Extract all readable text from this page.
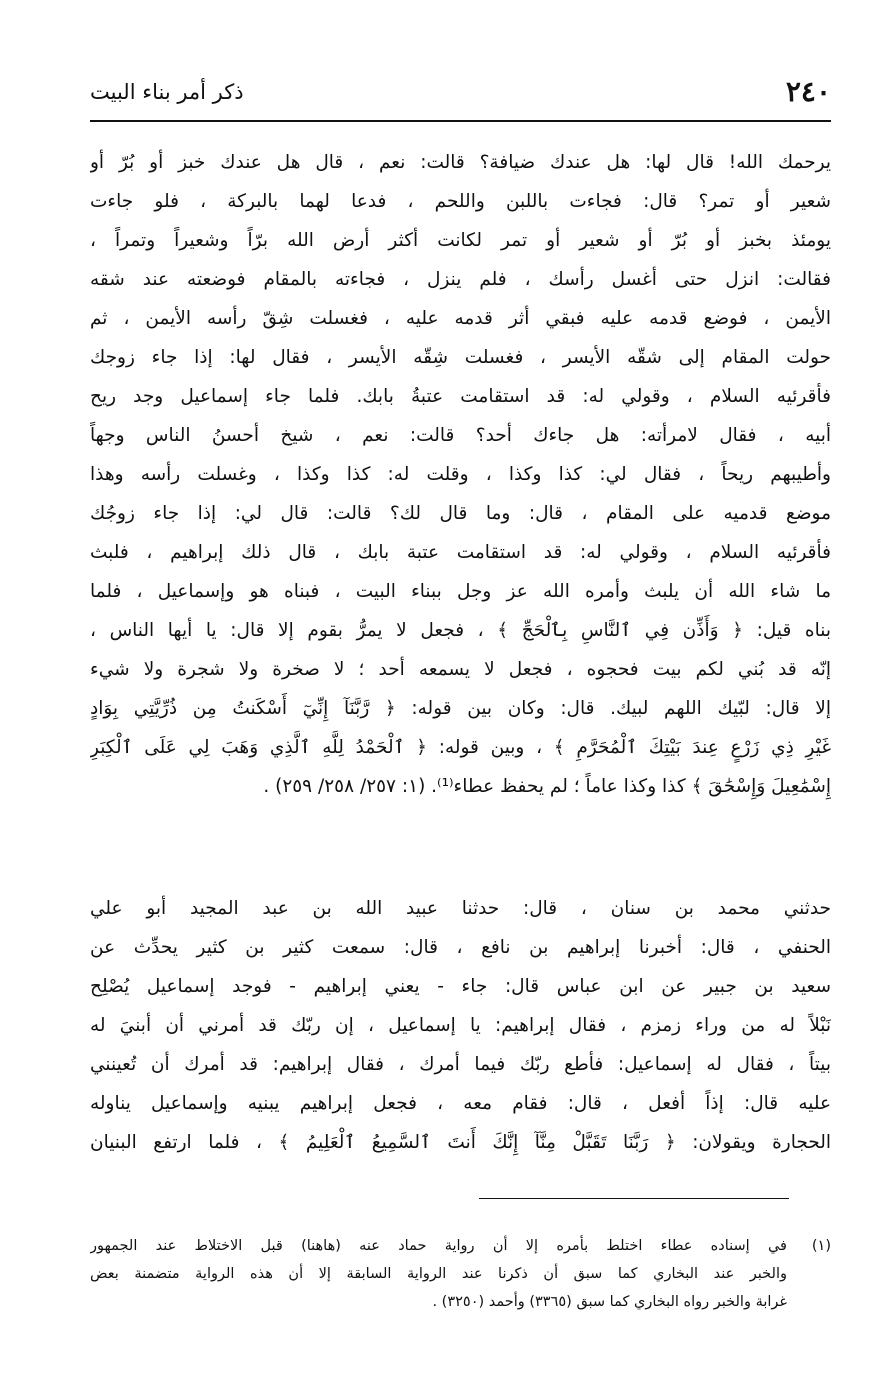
٢٤٠
ذكر أمر بناء البيت
يرحمك الله! قال لها: هل عندك ضيافة؟ قالت: نعم ، قال هل عندك خبز أو بُرّ أو
شعير أو تمر؟ قال: فجاءت باللبن واللحم ، فدعا لهما بالبركة ، فلو جاءت
يومئذ بخبز أو بُرّ أو شعير أو تمر لكانت أكثر أرض الله برّاً وشعيراً وتمراً ،
فقالت: انزل حتى أغسل رأسك ، فلم ينزل ، فجاءته بالمقام فوضعته عند شقه
الأيمن ، فوضع قدمه عليه فبقي أثر قدمه عليه ، فغسلت شِقّ رأسه الأيمن ، ثم
حولت المقام إلى شقّه الأيسر ، فغسلت شِقّه الأيسر ، فقال لها: إذا جاء زوجك
فأقرئيه السلام ، وقولي له: قد استقامت عتبةُ بابك. فلما جاء إسماعيل وجد ريح
أبيه ، فقال لامرأته: هل جاءك أحد؟ قالت: نعم ، شيخ أحسنُ الناس وجهاً
وأطيبهم ريحاً ، فقال لي: كذا وكذا ، وقلت له: كذا وكذا ، وغسلت رأسه وهذا
موضع قدميه على المقام ، قال: وما قال لك؟ قالت: قال لي: إذا جاء زوجُك
فأقرئيه السلام ، وقولي له: قد استقامت عتبة بابك ، قال ذلك إبراهيم ، فلبث
ما شاء الله أن يلبث وأمره الله عز وجل ببناء البيت ، فبناه هو وإسماعيل ، فلما
بناه قيل: ﴿ وَأَذِّن فِي ٱلنَّاسِ بِٱلْحَجِّ ﴾ ، فجعل لا يمرُّ بقوم إلا قال: يا أيها الناس ،
إنّه قد بُني لكم بيت فحجوه ، فجعل لا يسمعه أحد ؛ لا صخرة ولا شجرة ولا شيء
إلا قال: لبّيك اللهم لبيك. قال: وكان بين قوله: ﴿ رَّبَّنَآ إِنِّيٓ أَسْكَنتُ مِن ذُرِّيَّتِي بِوَادٍ
غَيْرِ ذِي زَرْعٍ عِندَ بَيْتِكَ ٱلْمُحَرَّمِ ﴾ ، وبين قوله: ﴿ ٱلْحَمْدُ لِلَّهِ ٱلَّذِي وَهَبَ لِي عَلَى ٱلْكِبَرِ
إِسْمَٰعِيلَ وَإِسْحَٰقَ ﴾ كذا وكذا عاماً ؛ لم يحفظ عطاء⁽¹⁾. (١: ٢٥٧/ ٢٥٨/ ٢٥٩) .
حدثني محمد بن سنان ، قال: حدثنا عبيد الله بن عبد المجيد أبو علي
الحنفي ، قال: أخبرنا إبراهيم بن نافع ، قال: سمعت كثير بن كثير يحدِّث عن
سعيد بن جبير عن ابن عباس قال: جاء - يعني إبراهيم - فوجد إسماعيل يُصْلِح
نَبْلاً له من وراء زمزم ، فقال إبراهيم: يا إسماعيل ، إن ربّك قد أمرني أن أبنيَ له
بيتاً ، فقال له إسماعيل: فأطع ربّك فيما أمرك ، فقال إبراهيم: قد أمرك أن تُعينني
عليه قال: إذاً أفعل ، قال: فقام معه ، فجعل إبراهيم يبنيه وإسماعيل يناوله
الحجارة ويقولان: ﴿ رَبَّنَا تَقَبَّلْ مِنَّآ إِنَّكَ أَنتَ ٱلسَّمِيعُ ٱلْعَلِيمُ ﴾ ، فلما ارتفع البنيان
(١)
في إسناده عطاء اختلط بأمره إلا أن رواية حماد عنه (هاهنا) قبل الاختلاط عند الجمهور
والخبر عند البخاري كما سبق أن ذكرنا عند الرواية السابقة إلا أن هذه الرواية متضمنة بعض
غرابة والخبر رواه البخاري كما سبق (٣٣٦٥) وأحمد (٣٢٥٠) .
